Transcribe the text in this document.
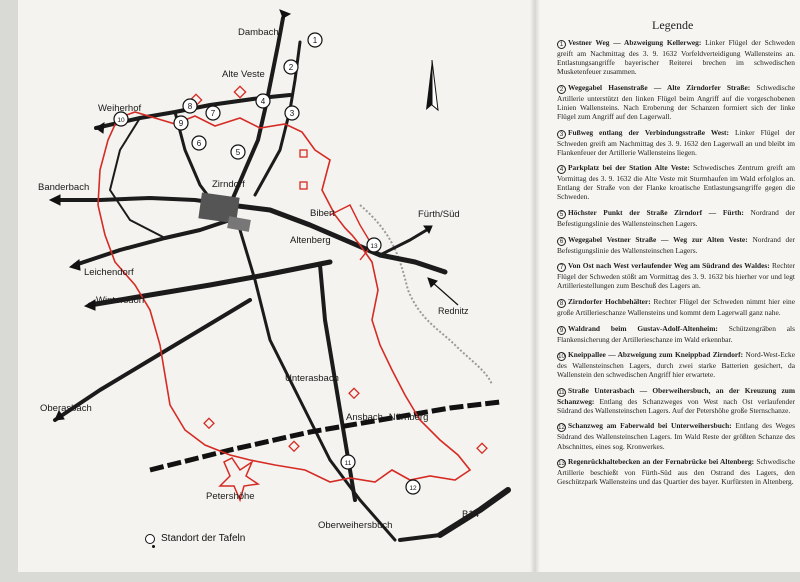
1
2
3
4
5
6
7
8
9
10
11
12
13
Dambach
Alte Veste
Weiherhof
Zirndorf
Banderbach
Bibert	Fürth/Süd
Altenberg
Leichendorf
Wintersdorf
Rednitz
Unterasbach
Oberasbach
Ansbach- Nürnberg
Petershöhe
Oberweihersbuch
B14
Standort der Tafeln
Legende
1 Vestner Weg — Abzweigung Kellerweg: Linker Flügel der Schweden greift am Nachmittag des 3. 9. 1632 Vorfeldverteidigung Wallensteins an. Entlastungsangriffe bayerischer Reiterei brechen im schwedischen Musketenfeuer zusammen.
2 Wegegabel Hasenstraße — Alte Zirndorfer Straße: Schwedische Artillerie unterstützt den linken Flügel beim Angriff auf die vorgeschobenen Linien Wallensteins. Nach Eroberung der Schanzen formiert sich der linke Flügel zum Angriff auf den Lagerwall.
3 Fußweg entlang der Verbindungsstraße West: Linker Flügel der Schweden greift am Nachmittag des 3. 9. 1632 den Lagerwall an und bleibt im Flankenfeuer der Artillerie Wallensteins liegen.
4 Parkplatz bei der Station Alte Veste: Schwedisches Zentrum greift am Vormittag des 3. 9. 1632 die Alte Veste mit Sturmhaufen im Wald erfolglos an. Entlang der Straße von der Flanke kroatische Entlastungsangriffe gegen die Schweden.
5 Höchster Punkt der Straße Zirndorf — Fürth: Nordrand der Befestigungslinie des Wallensteinschen Lagers.
6 Wegegabel Vestner Straße — Weg zur Alten Veste: Nordrand der Befestigungslinie des Wallensteinschen Lagers.
7 Von Ost nach West verlaufender Weg am Südrand des Waldes: Rechter Flügel der Schweden stößt am Vormittag des 3. 9. 1632 bis hierher vor und legt Artilleriestellungen zum Beschuß des Lagers an.
8 Zirndorfer Hochbehälter: Rechter Flügel der Schweden nimmt hier eine große Artillerieschanze Wallensteins und kommt dem Lagerwall ganz nahe.
9 Waldrand beim Gustav-Adolf-Altenheim: Schützengräben als Flankensicherung der Artillerieschanze im Wald erkennbar.
10 Kneippallee — Abzweigung zum Kneippbad Zirndorf: Nord-West-Ecke des Wallensteinschen Lagers, durch zwei starke Batterien gesichert, da Wallenstein den schwedischen Angriff hier erwartete.
11 Straße Unterasbach — Oberweihersbuch, an der Kreuzung zum Schanzweg: Entlang des Schanzweges von West nach Ost verlaufender Südrand des Wallensteinschen Lagers. Auf der Petershöhe große Sternschanze.
12 Schanzweg am Faberwald bei Unterweihersbuch: Entlang des Weges Südrand des Wallensteinschen Lagers. Im Wald Reste der größten Schanze des Abschnittes, eines sog. Kronwerkes.
13 Regenrückhaltebecken an der Fernabrücke bei Altenberg: Schwedische Artillerie beschießt von Fürth-Süd aus den Ostrand des Lagers, den Geschützpark Wallensteins und das Quartier des bayer. Kurfürsten in Altenberg.
